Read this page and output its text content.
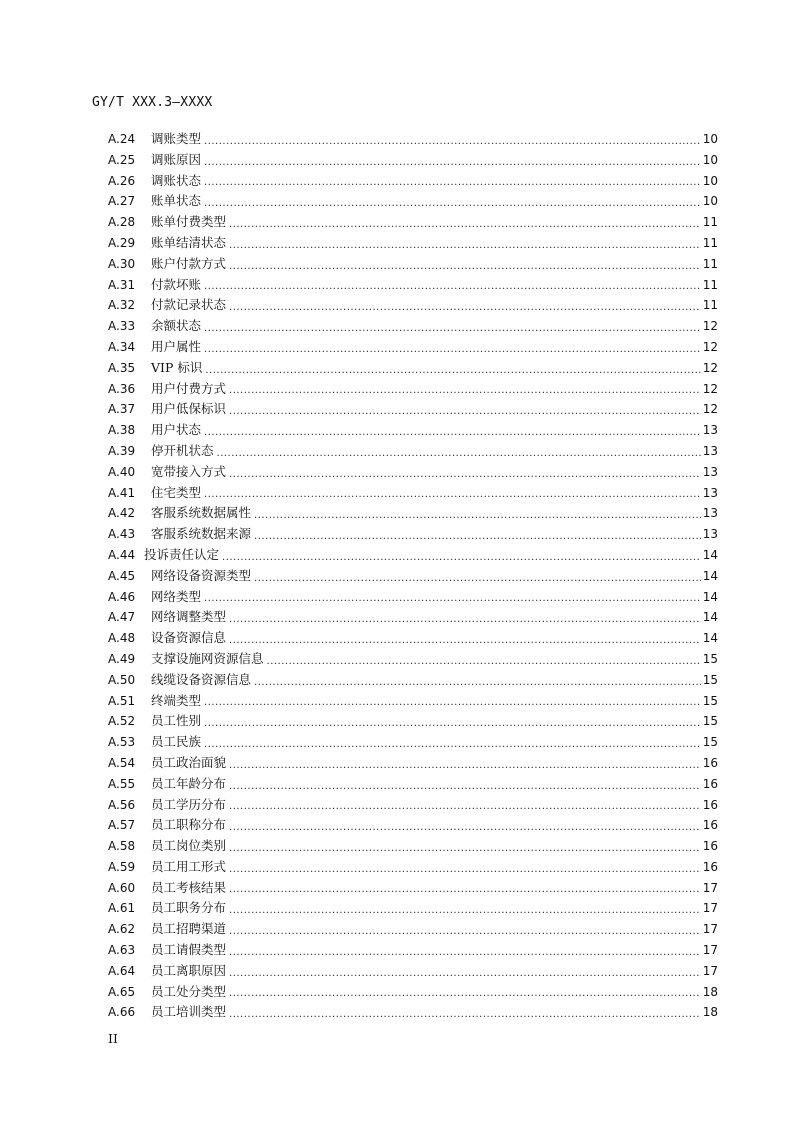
GY/T XXX.3—XXXX
A.24	调账类型 .....	10
A.25	调账原因 .....	10
A.26	调账状态 .....	10
A.27	账单状态 .....	10
A.28	账单付费类型 .....	11
A.29	账单结清状态 .....	11
A.30	账户付款方式 .....	11
A.31	付款坏账 .....	11
A.32	付款记录状态 .....	11
A.33	余额状态 .....	12
A.34	用户属性 .....	12
A.35	VIP 标识 .....	12
A.36	用户付费方式 .....	12
A.37	用户低保标识 .....	12
A.38	用户状态 .....	13
A.39	停开机状态 .....	13
A.40	宽带接入方式 .....	13
A.41	住宅类型 .....	13
A.42	客服系统数据属性 .....	13
A.43	客服系统数据来源 .....	13
A.44 投诉责任认定 .....	14
A.45	网络设备资源类型 .....	14
A.46	网络类型 .....	14
A.47	网络调整类型 .....	14
A.48	设备资源信息 .....	14
A.49	支撑设施网资源信息 .....	15
A.50	线缆设备资源信息 .....	15
A.51	终端类型 .....	15
A.52	员工性别 .....	15
A.53	员工民族 .....	15
A.54	员工政治面貌 .....	16
A.55	员工年龄分布 .....	16
A.56	员工学历分布 .....	16
A.57	员工职称分布 .....	16
A.58	员工岗位类别 .....	16
A.59	员工用工形式 .....	16
A.60	员工考核结果 .....	17
A.61	员工职务分布 .....	17
A.62	员工招聘渠道 .....	17
A.63	员工请假类型 .....	17
A.64	员工离职原因 .....	17
A.65	员工处分类型 .....	18
A.66	员工培训类型 .....	18
II
